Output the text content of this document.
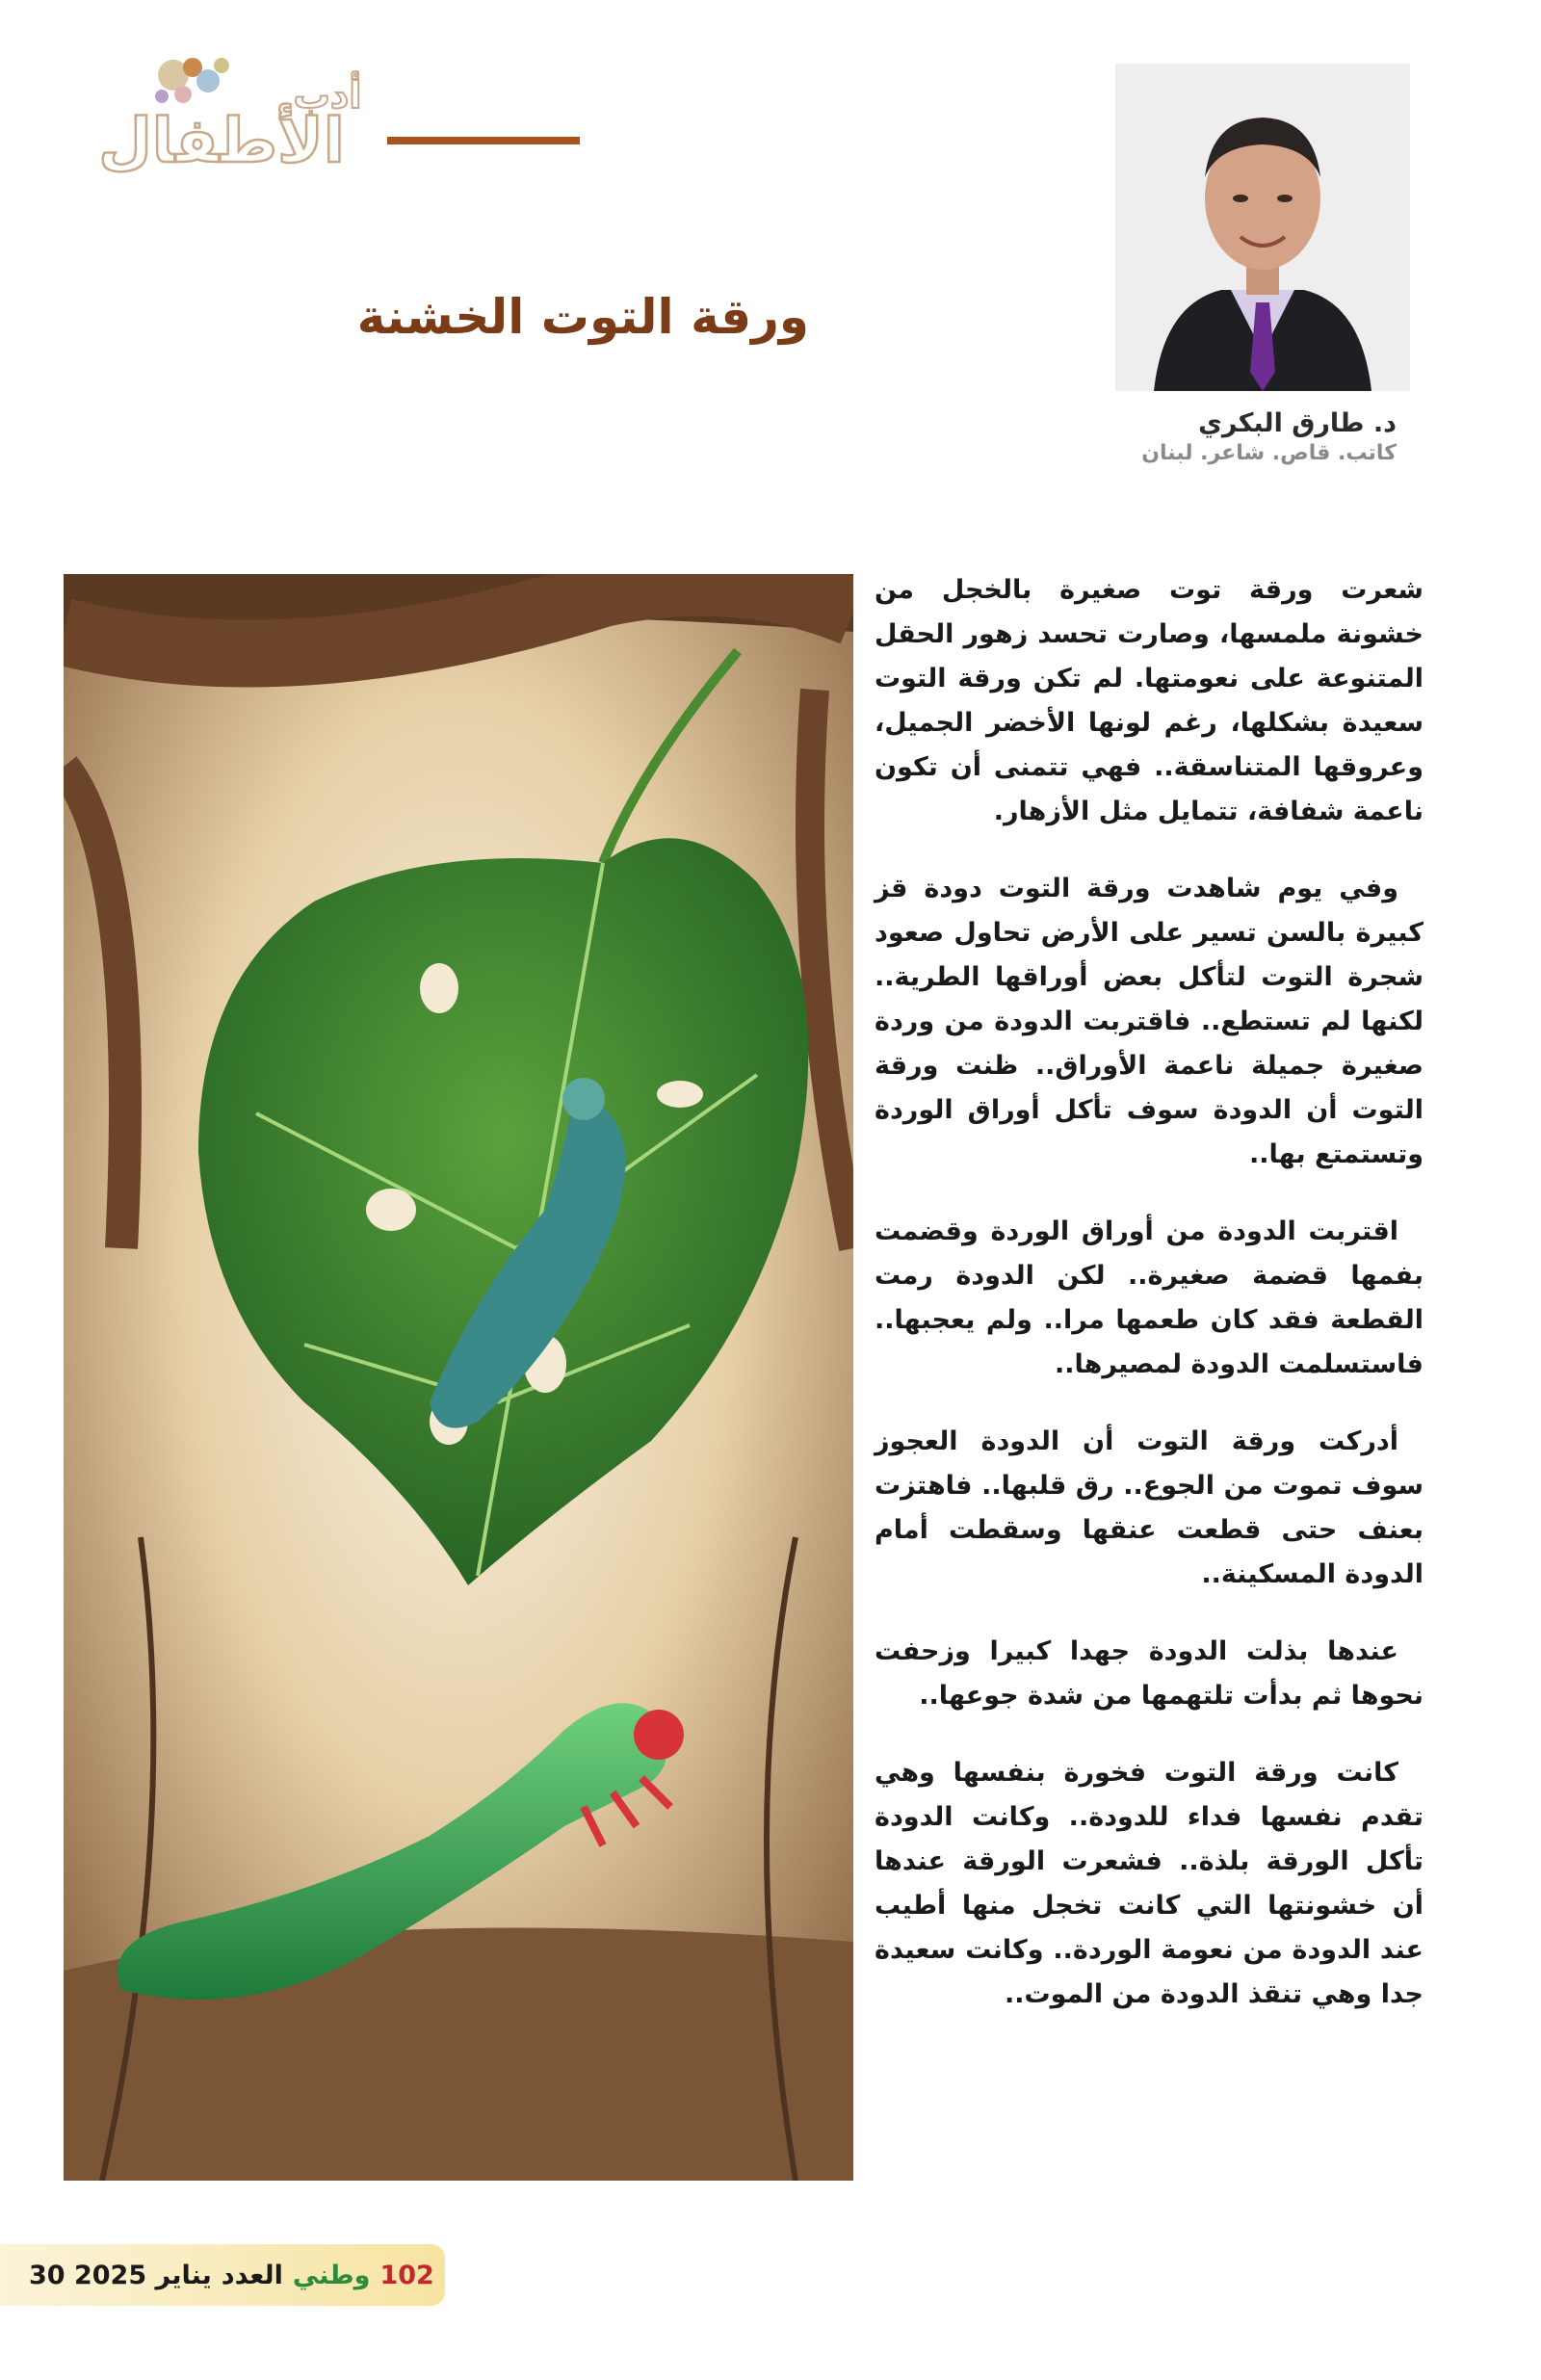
أدب
الأطفال
ورقة التوت الخشنة
د. طارق البكري
كاتب. قاص. شاعر. لبنان

شعرت ورقة توت صغيرة بالخجل من خشونة ملمسها، وصارت تحسد زهور الحقل المتنوعة على نعومتها. لم تكن ورقة التوت سعيدة بشكلها، رغم لونها الأخضر الجميل، وعروقها المتناسقة.. فهي تتمنى أن تكون ناعمة شفافة، تتمايل مثل الأزهار.

وفي يوم شاهدت ورقة التوت دودة قز كبيرة بالسن تسير على الأرض تحاول صعود شجرة التوت لتأكل بعض أوراقها الطرية.. لكنها لم تستطع.. فاقتربت الدودة من وردة صغيرة جميلة ناعمة الأوراق.. ظنت ورقة التوت أن الدودة سوف تأكل أوراق الوردة وتستمتع بها..

اقتربت الدودة من أوراق الوردة وقضمت بفمها قضمة صغيرة.. لكن الدودة رمت القطعة فقد كان طعمها مرا.. ولم يعجبها.. فاستسلمت الدودة لمصيرها..

أدركت ورقة التوت أن الدودة العجوز سوف تموت من الجوع.. رق قلبها.. فاهتزت بعنف حتى قطعت عنقها وسقطت أمام الدودة المسكينة..

عندها بذلت الدودة جهدا كبيرا وزحفت نحوها ثم بدأت تلتهمها من شدة جوعها..

كانت ورقة التوت فخورة بنفسها وهي تقدم نفسها فداء للدودة.. وكانت الدودة تأكل الورقة بلذة.. فشعرت الورقة عندها أن خشونتها التي كانت تخجل منها أطيب عند الدودة من نعومة الوردة.. وكانت سعيدة جدا وهي تنقذ الدودة من الموت..

30 يناير 2025 العدد وطني 102
